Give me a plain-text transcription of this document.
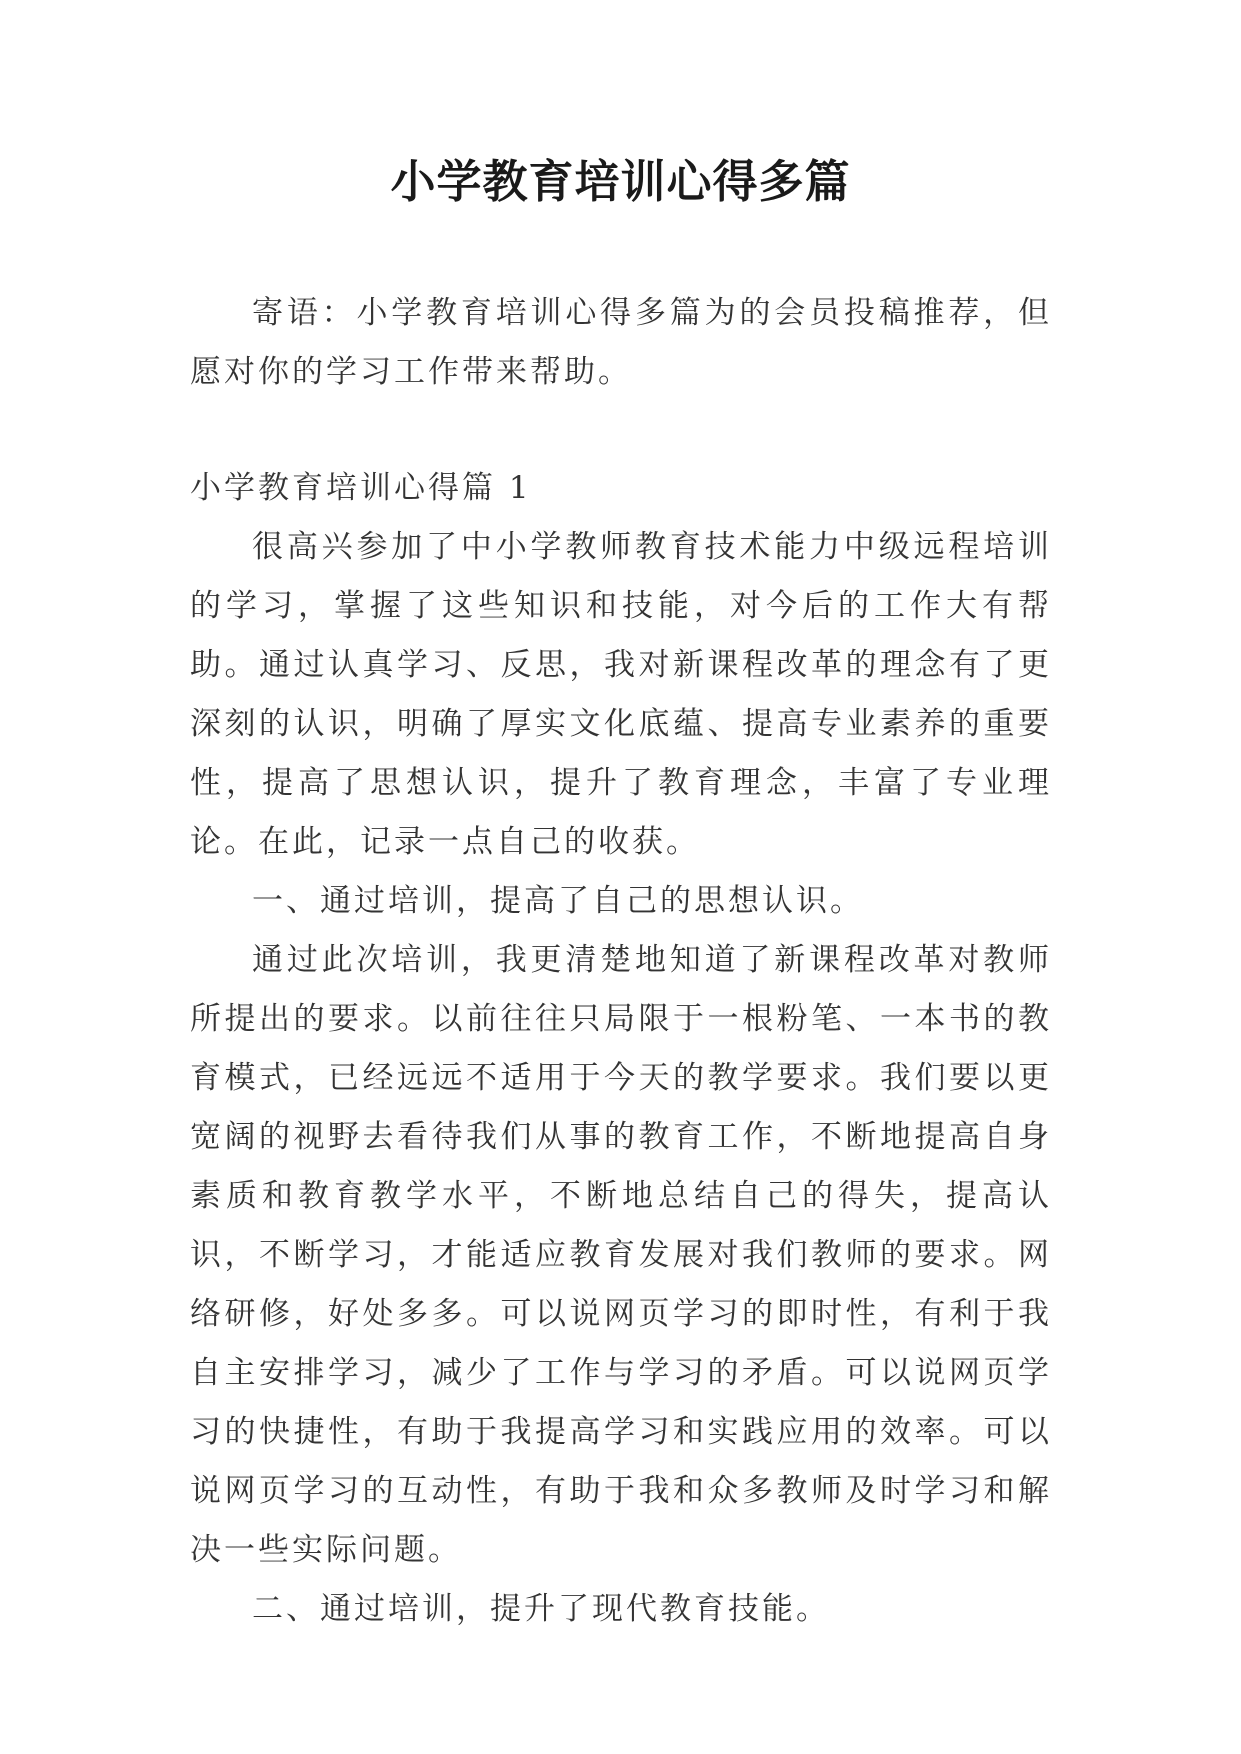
小学教育培训心得多篇

寄语：小学教育培训心得多篇为的会员投稿推荐，但愿对你的学习工作带来帮助。

小学教育培训心得篇 1

很高兴参加了中小学教师教育技术能力中级远程培训的学习，掌握了这些知识和技能，对今后的工作大有帮助。通过认真学习、反思，我对新课程改革的理念有了更深刻的认识，明确了厚实文化底蕴、提高专业素养的重要性，提高了思想认识，提升了教育理念，丰富了专业理论。在此，记录一点自己的收获。

一、通过培训，提高了自己的思想认识。

通过此次培训，我更清楚地知道了新课程改革对教师所提出的要求。以前往往只局限于一根粉笔、一本书的教育模式，已经远远不适用于今天的教学要求。我们要以更宽阔的视野去看待我们从事的教育工作，不断地提高自身素质和教育教学水平，不断地总结自己的得失，提高认识，不断学习，才能适应教育发展对我们教师的要求。网络研修，好处多多。可以说网页学习的即时性，有利于我自主安排学习，减少了工作与学习的矛盾。可以说网页学习的快捷性，有助于我提高学习和实践应用的效率。可以说网页学习的互动性，有助于我和众多教师及时学习和解决一些实际问题。

二、通过培训，提升了现代教育技能。
